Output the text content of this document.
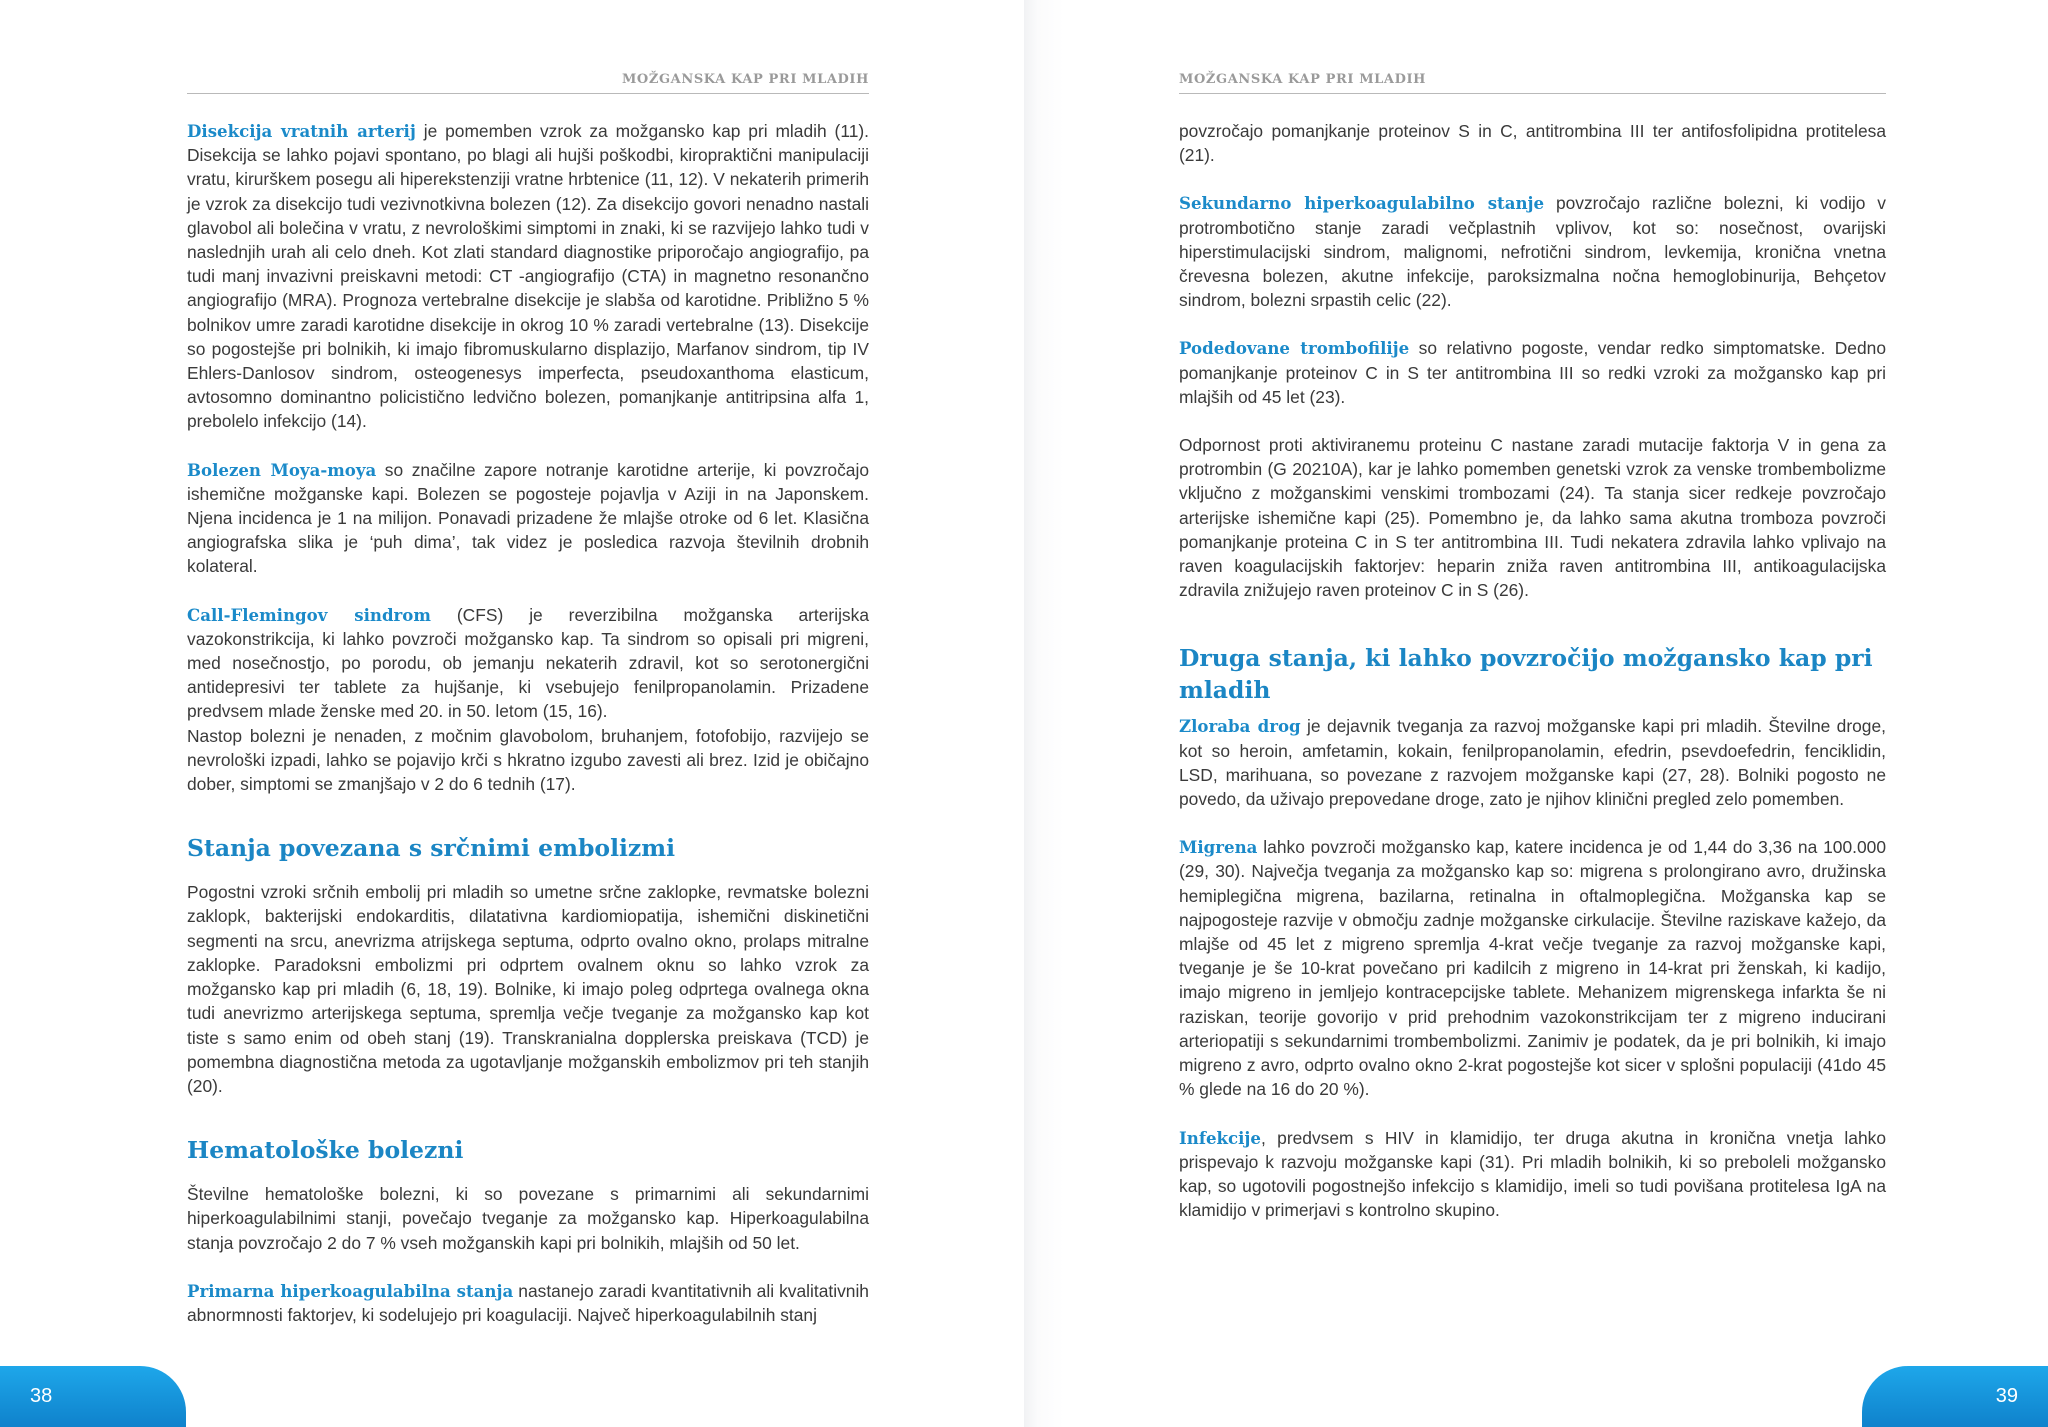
MOŽGANSKA KAP PRI MLADIH

Disekcija vratnih arterij je pomemben vzrok za možgansko kap pri mladih (11). Disekcija se lahko pojavi spontano, po blagi ali hujši poškodbi, kiropraktični manipulaciji vratu, kirurškem posegu ali hiperekstenziji vratne hrbtenice (11, 12). V nekaterih primerih je vzrok za disekcijo tudi vezivnotkivna bolezen (12). Za disekcijo govori nenadno nastali glavobol ali bolečina v vratu, z nevrološkimi simptomi in znaki, ki se razvijejo lahko tudi v naslednjih urah ali celo dneh. Kot zlati standard diagnostike priporočajo angiografijo, pa tudi manj invazivni preiskavni metodi: CT -angiografijo (CTA) in magnetno resonančno angiografijo (MRA). Prognoza vertebralne disekcije je slabša od karotidne. Približno 5 % bolnikov umre zaradi karotidne disekcije in okrog 10 % zaradi vertebralne (13). Disekcije so pogostejše pri bolnikih, ki imajo fibromuskularno displazijo, Marfanov sindrom, tip IV Ehlers-Danlosov sindrom, osteogenesys imperfecta, pseudoxanthoma elasticum, avtosomno dominantno policistično ledvično bolezen, pomanjkanje antitripsina alfa 1, prebolelo infekcijo (14).

Bolezen Moya-moya so značilne zapore notranje karotidne arterije, ki povzročajo ishemične možganske kapi. Bolezen se pogosteje pojavlja v Aziji in na Japonskem. Njena incidenca je 1 na milijon. Ponavadi prizadene že mlajše otroke od 6 let. Klasična angiografska slika je ‘puh dima’, tak videz je posledica razvoja številnih drobnih kolateral.

Call-Flemingov sindrom (CFS) je reverzibilna možganska arterijska vazokonstrikcija, ki lahko povzroči možgansko kap. Ta sindrom so opisali pri migreni, med nosečnostjo, po porodu, ob jemanju nekaterih zdravil, kot so serotonergični antidepresivi ter tablete za hujšanje, ki vsebujejo fenilpropanolamin. Prizadene predvsem mlade ženske med 20. in 50. letom (15, 16).

Nastop bolezni je nenaden, z močnim glavobolom, bruhanjem, fotofobijo, razvijejo se nevrološki izpadi, lahko se pojavijo krči s hkratno izgubo zavesti ali brez. Izid je običajno dober, simptomi se zmanjšajo v 2 do 6 tednih (17).

Stanja povezana s srčnimi embolizmi

Pogostni vzroki srčnih embolij pri mladih so umetne srčne zaklopke, revmatske bolezni zaklopk, bakterijski endokarditis, dilatativna kardiomiopatija, ishemični diskinetični segmenti na srcu, anevrizma atrijskega septuma, odprto ovalno okno, prolaps mitralne zaklopke. Paradoksni embolizmi pri odprtem ovalnem oknu so lahko vzrok za možgansko kap pri mladih (6, 18, 19). Bolnike, ki imajo poleg odprtega ovalnega okna tudi anevrizmo arterijskega septuma, spremlja večje tveganje za možgansko kap kot tiste s samo enim od obeh stanj (19). Transkranialna dopplerska preiskava (TCD) je pomembna diagnostična metoda za ugotavljanje možganskih embolizmov pri teh stanjih (20).

Hematološke bolezni

Številne hematološke bolezni, ki so povezane s primarnimi ali sekundarnimi hiperkoagulabilnimi stanji, povečajo tveganje za možgansko kap. Hiperkoagulabilna stanja povzročajo 2 do 7 % vseh možganskih kapi pri bolnikih, mlajših od 50 let.

Primarna hiperkoagulabilna stanja nastanejo zaradi kvantitativnih ali kvalitativnih abnormnosti faktorjev, ki sodelujejo pri koagulaciji. Največ hiperkoagulabilnih stanj

38
MOŽGANSKA KAP PRI MLADIH

povzročajo pomanjkanje proteinov S in C, antitrombina III ter antifosfolipidna protitelesa (21).

Sekundarno hiperkoagulabilno stanje povzročajo različne bolezni, ki vodijo v protrombotično stanje zaradi večplastnih vplivov, kot so: nosečnost, ovarijski hiperstimulacijski sindrom, malignomi, nefrotični sindrom, levkemija, kronična vnetna črevesna bolezen, akutne infekcije, paroksizmalna nočna hemoglobinurija, Behçetov sindrom, bolezni srpastih celic (22).

Podedovane trombofilije so relativno pogoste, vendar redko simptomatske. Dedno pomanjkanje proteinov C in S ter antitrombina III so redki vzroki za možgansko kap pri mlajših od 45 let (23).

Odpornost proti aktiviranemu proteinu C nastane zaradi mutacije faktorja V in gena za protrombin (G 20210A), kar je lahko pomemben genetski vzrok za venske trombembolizme vključno z možganskimi venskimi trombozami (24). Ta stanja sicer redkeje povzročajo arterijske ishemične kapi (25). Pomembno je, da lahko sama akutna tromboza povzroči pomanjkanje proteina C in S ter antitrombina III. Tudi nekatera zdravila lahko vplivajo na raven koagulacijskih faktorjev: heparin zniža raven antitrombina III, antikoagulacijska zdravila znižujejo raven proteinov C in S (26).

Druga stanja, ki lahko povzročijo možgansko kap pri mladih

Zloraba drog je dejavnik tveganja za razvoj možganske kapi pri mladih. Številne droge, kot so heroin, amfetamin, kokain, fenilpropanolamin, efedrin, psevdoefedrin, fenciklidin, LSD, marihuana, so povezane z razvojem možganske kapi (27, 28). Bolniki pogosto ne povedo, da uživajo prepovedane droge, zato je njihov klinični pregled zelo pomemben.

Migrena lahko povzroči možgansko kap, katere incidenca je od 1,44 do 3,36 na 100.000 (29, 30). Največja tveganja za možgansko kap so: migrena s prolongirano avro, družinska hemiplegična migrena, bazilarna, retinalna in oftalmoplegična. Možganska kap se najpogosteje razvije v območju zadnje možganske cirkulacije. Številne raziskave kažejo, da mlajše od 45 let z migreno spremlja 4-krat večje tveganje za razvoj možganske kapi, tveganje je še 10-krat povečano pri kadilcih z migreno in 14-krat pri ženskah, ki kadijo, imajo migreno in jemljejo kontracepcijske tablete. Mehanizem migrenskega infarkta še ni raziskan, teorije govorijo v prid prehodnim vazokonstrikcijam ter z migreno inducirani arteriopatiji s sekundarnimi trombembolizmi. Zanimiv je podatek, da je pri bolnikih, ki imajo migreno z avro, odprto ovalno okno 2-krat pogostejše kot sicer v splošni populaciji (41do 45 % glede na 16 do 20 %).

Infekcije, predvsem s HIV in klamidijo, ter druga akutna in kronična vnetja lahko prispevajo k razvoju možganske kapi (31). Pri mladih bolnikih, ki so preboleli možgansko kap, so ugotovili pogostnejšo infekcijo s klamidijo, imeli so tudi povišana protitelesa IgA na klamidijo v primerjavi s kontrolno skupino.

39
